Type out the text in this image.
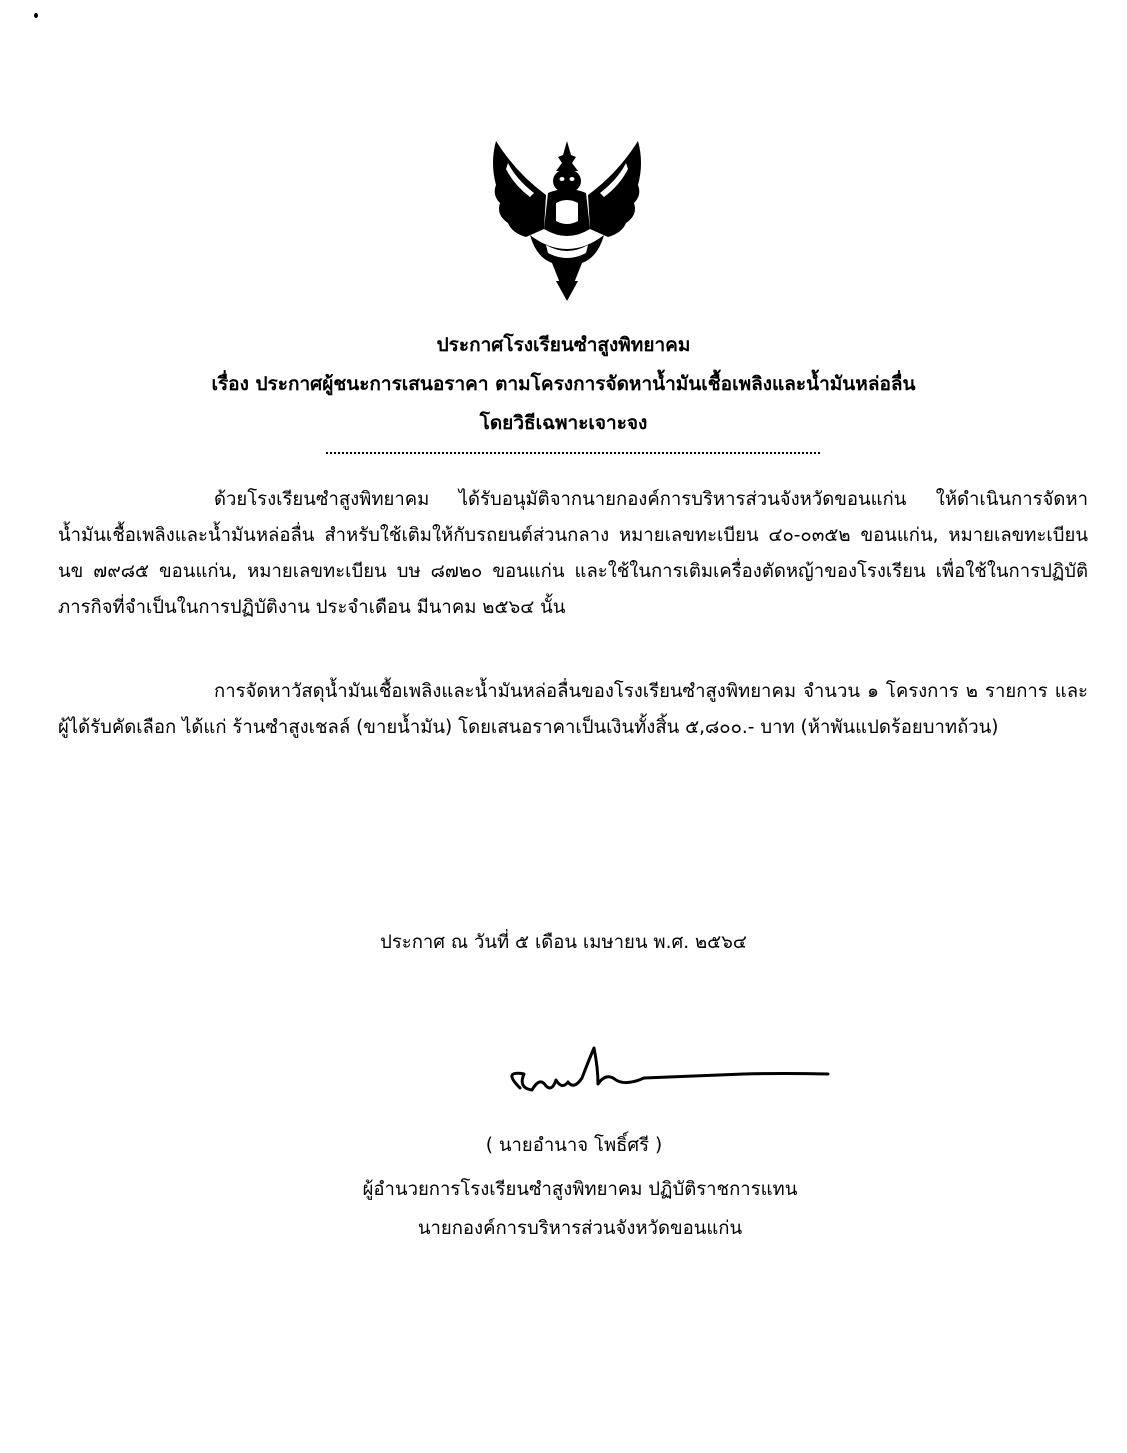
ประกาศโรงเรียนซำสูงพิทยาคม
เรื่อง ประกาศผู้ชนะการเสนอราคา ตามโครงการจัดหาน้ำมันเชื้อเพลิงและน้ำมันหล่อลื่น
โดยวิธีเฉพาะเจาะจง
ด้วยโรงเรียนซำสูงพิทยาคม ได้รับอนุมัติจากนายกองค์การบริหารส่วนจังหวัดขอนแก่น ให้ดำเนินการจัดหาน้ำมันเชื้อเพลิงและน้ำมันหล่อลื่น สำหรับใช้เติมให้กับรถยนต์ส่วนกลาง หมายเลขทะเบียน ๔๐-๐๓๕๒ ขอนแก่น, หมายเลขทะเบียน นข ๗๙๘๕ ขอนแก่น, หมายเลขทะเบียน บษ ๘๗๒๐ ขอนแก่น และใช้ในการเติมเครื่องตัดหญ้าของโรงเรียน เพื่อใช้ในการปฏิบัติภารกิจที่จำเป็นในการปฏิบัติงาน ประจำเดือน มีนาคม ๒๕๖๔ นั้น
การจัดหาวัสดุน้ำมันเชื้อเพลิงและน้ำมันหล่อลื่นของโรงเรียนซำสูงพิทยาคม จำนวน ๑ โครงการ ๒ รายการ และผู้ได้รับคัดเลือก ได้แก่ ร้านซำสูงเชลล์ (ขายน้ำมัน) โดยเสนอราคาเป็นเงินทั้งสิ้น ๕,๘๐๐.- บาท (ห้าพันแปดร้อยบาทถ้วน)
ประกาศ ณ วันที่ ๕ เดือน เมษายน พ.ศ. ๒๕๖๔
( นายอำนาจ โพธิ์ศรี )
ผู้อำนวยการโรงเรียนซำสูงพิทยาคม ปฏิบัติราชการแทน
นายกองค์การบริหารส่วนจังหวัดขอนแก่น
